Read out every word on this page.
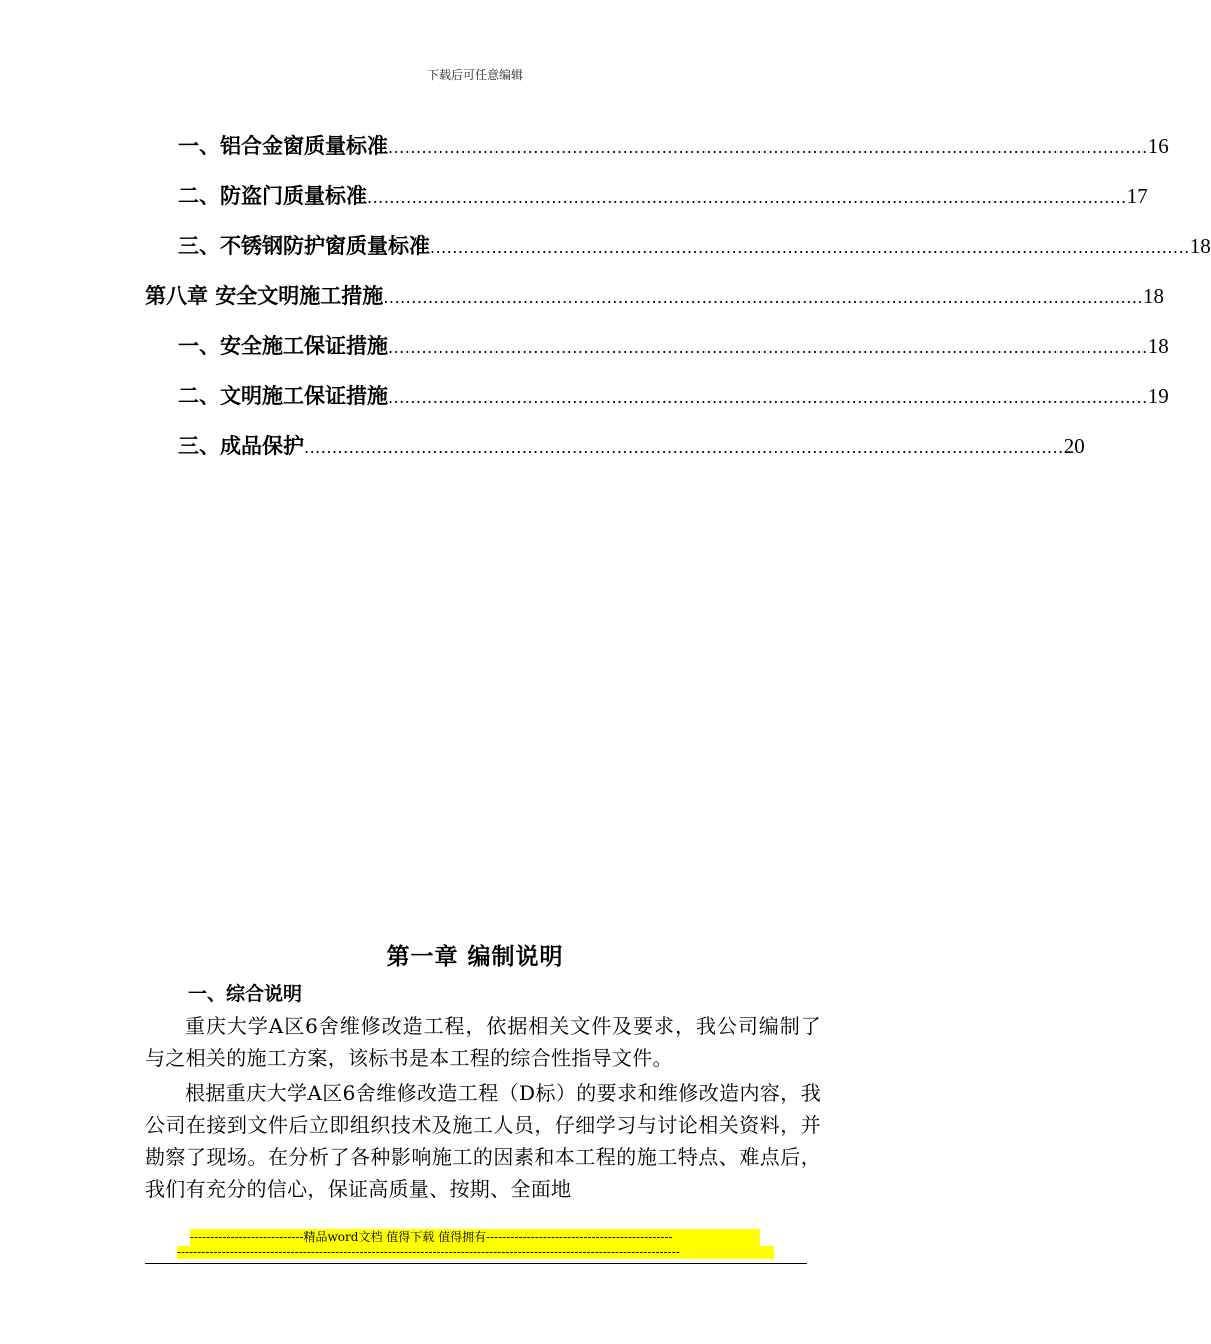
下载后可任意编辑
一、铝合金窗质量标准 ........................................................................................................................................ 16
二、防盗门质量标准 ........................................................................................................................................ 17
三、不锈钢防护窗质量标准 ........................................................................................................................................ 18
第八章 安全文明施工措施 ........................................................................................................................................ 18
一、安全施工保证措施 ........................................................................................................................................ 18
二、文明施工保证措施 ........................................................................................................................................ 19
三、成品保护 ........................................................................................................................................ 20
第一章 编制说明
一、综合说明
重庆大学A区6舍维修改造工程，依据相关文件及要求，我公司编制了与之相关的施工方案，该标书是本工程的综合性指导文件。
根据重庆大学A区6舍维修改造工程（D标）的要求和维修改造内容，我公司在接到文件后立即组织技术及施工人员，仔细学习与讨论相关资料，并勘察了现场。在分析了各种影响施工的因素和本工程的施工特点、难点后，我们有充分的信心，保证高质量、按期、全面地
----------------------------精品word文档 值得下载 值得拥有----------------------------------------------
----------------------------------------------------------------------------------------------------------------------------
